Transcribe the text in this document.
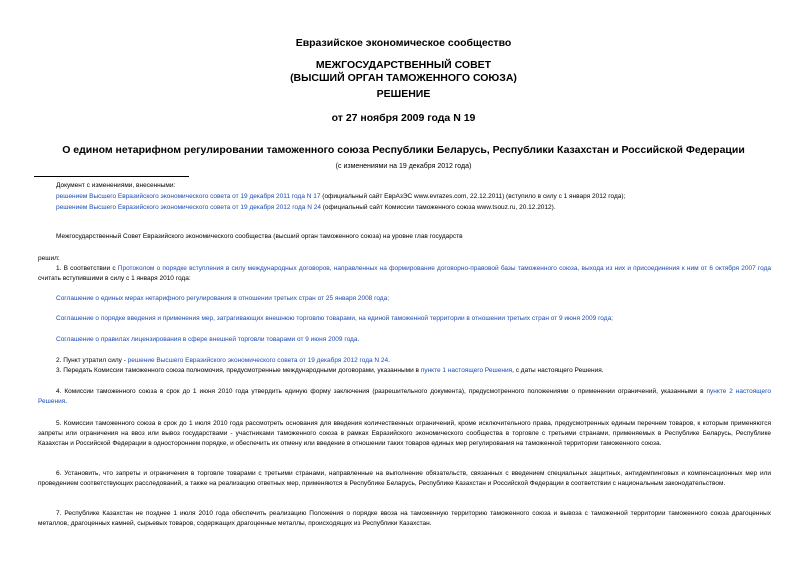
Евразийское экономическое сообщество
МЕЖГОСУДАРСТВЕННЫЙ СОВЕТ
(ВЫСШИЙ ОРГАН ТАМОЖЕННОГО СОЮЗА)
РЕШЕНИЕ
от 27 ноября 2009 года N 19
О едином нетарифном регулировании таможенного союза Республики Беларусь, Республики Казахстан и Российской Федерации
(с изменениями на 19 декабря 2012 года)
Документ с изменениями, внесенными:
решением Высшего Евразийского экономического совета от 19 декабря 2011 года N 17 (официальный сайт ЕврАзЭС www.evrazes.com, 22.12.2011) (вступило в силу с 1 января 2012 года);
решением Высшего Евразийского экономического совета от 19 декабря 2012 года N 24 (официальный сайт Комиссии таможенного союза www.tsouz.ru, 20.12.2012).
Межгосударственный Совет Евразийского экономического сообщества (высший орган таможенного союза) на уровне глав государств
решил:
1. В соответствии с Протоколом о порядке вступления в силу международных договоров, направленных на формирование договорно-правовой базы таможенного союза, выхода из них и присоединения к ним от 6 октября 2007 года считать вступившими в силу с 1 января 2010 года:
Соглашение о единых мерах нетарифного регулирования в отношении третьих стран от 25 января 2008 года;
Соглашение о порядке введения и применения мер, затрагивающих внешнюю торговлю товарами, на единой таможенной территории в отношении третьих стран от 9 июня 2009 года;
Соглашение о правилах лицензирования в сфере внешней торговли товарами от 9 июня 2009 года.
2. Пункт утратил силу - решение Высшего Евразийского экономического совета от 19 декабря 2012 года N 24.
3. Передать Комиссии таможенного союза полномочия, предусмотренные международными договорами, указанными в пункте 1 настоящего Решения, с даты настоящего Решения.
4. Комиссии таможенного союза в срок до 1 июня 2010 года утвердить единую форму заключения (разрешительного документа), предусмотренного положениями о применении ограничений, указанными в пункте 2 настоящего Решения.
5. Комиссии таможенного союза в срок до 1 июля 2010 года рассмотреть основания для введения количественных ограничений, кроме исключительного права, предусмотренных единым перечнем товаров, к которым применяются запреты или ограничения на ввоз или вывоз государствами - участниками таможенного союза в рамках Евразийского экономического сообщества в торговле с третьими странами, применяемых в Республике Беларусь, Республике Казахстан и Российской Федерации в одностороннем порядке, и обеспечить их отмену или введение в отношении таких товаров единых мер регулирования на таможенной территории таможенного союза.
6. Установить, что запреты и ограничения в торговле товарами с третьими странами, направленные на выполнение обязательств, связанных с введением специальных защитных, антидемпинговых и компенсационных мер или проведением соответствующих расследований, а также на реализацию ответных мер, применяются в Республике Беларусь, Республике Казахстан и Российской Федерации в соответствии с национальным законодательством.
7. Республике Казахстан не позднее 1 июля 2010 года обеспечить реализацию Положения о порядке ввоза на таможенную территорию таможенного союза и вывоза с таможенной территории таможенного союза драгоценных металлов, драгоценных камней, сырьевых товаров, содержащих драгоценные металлы, происходящих из Республики Казахстан.
